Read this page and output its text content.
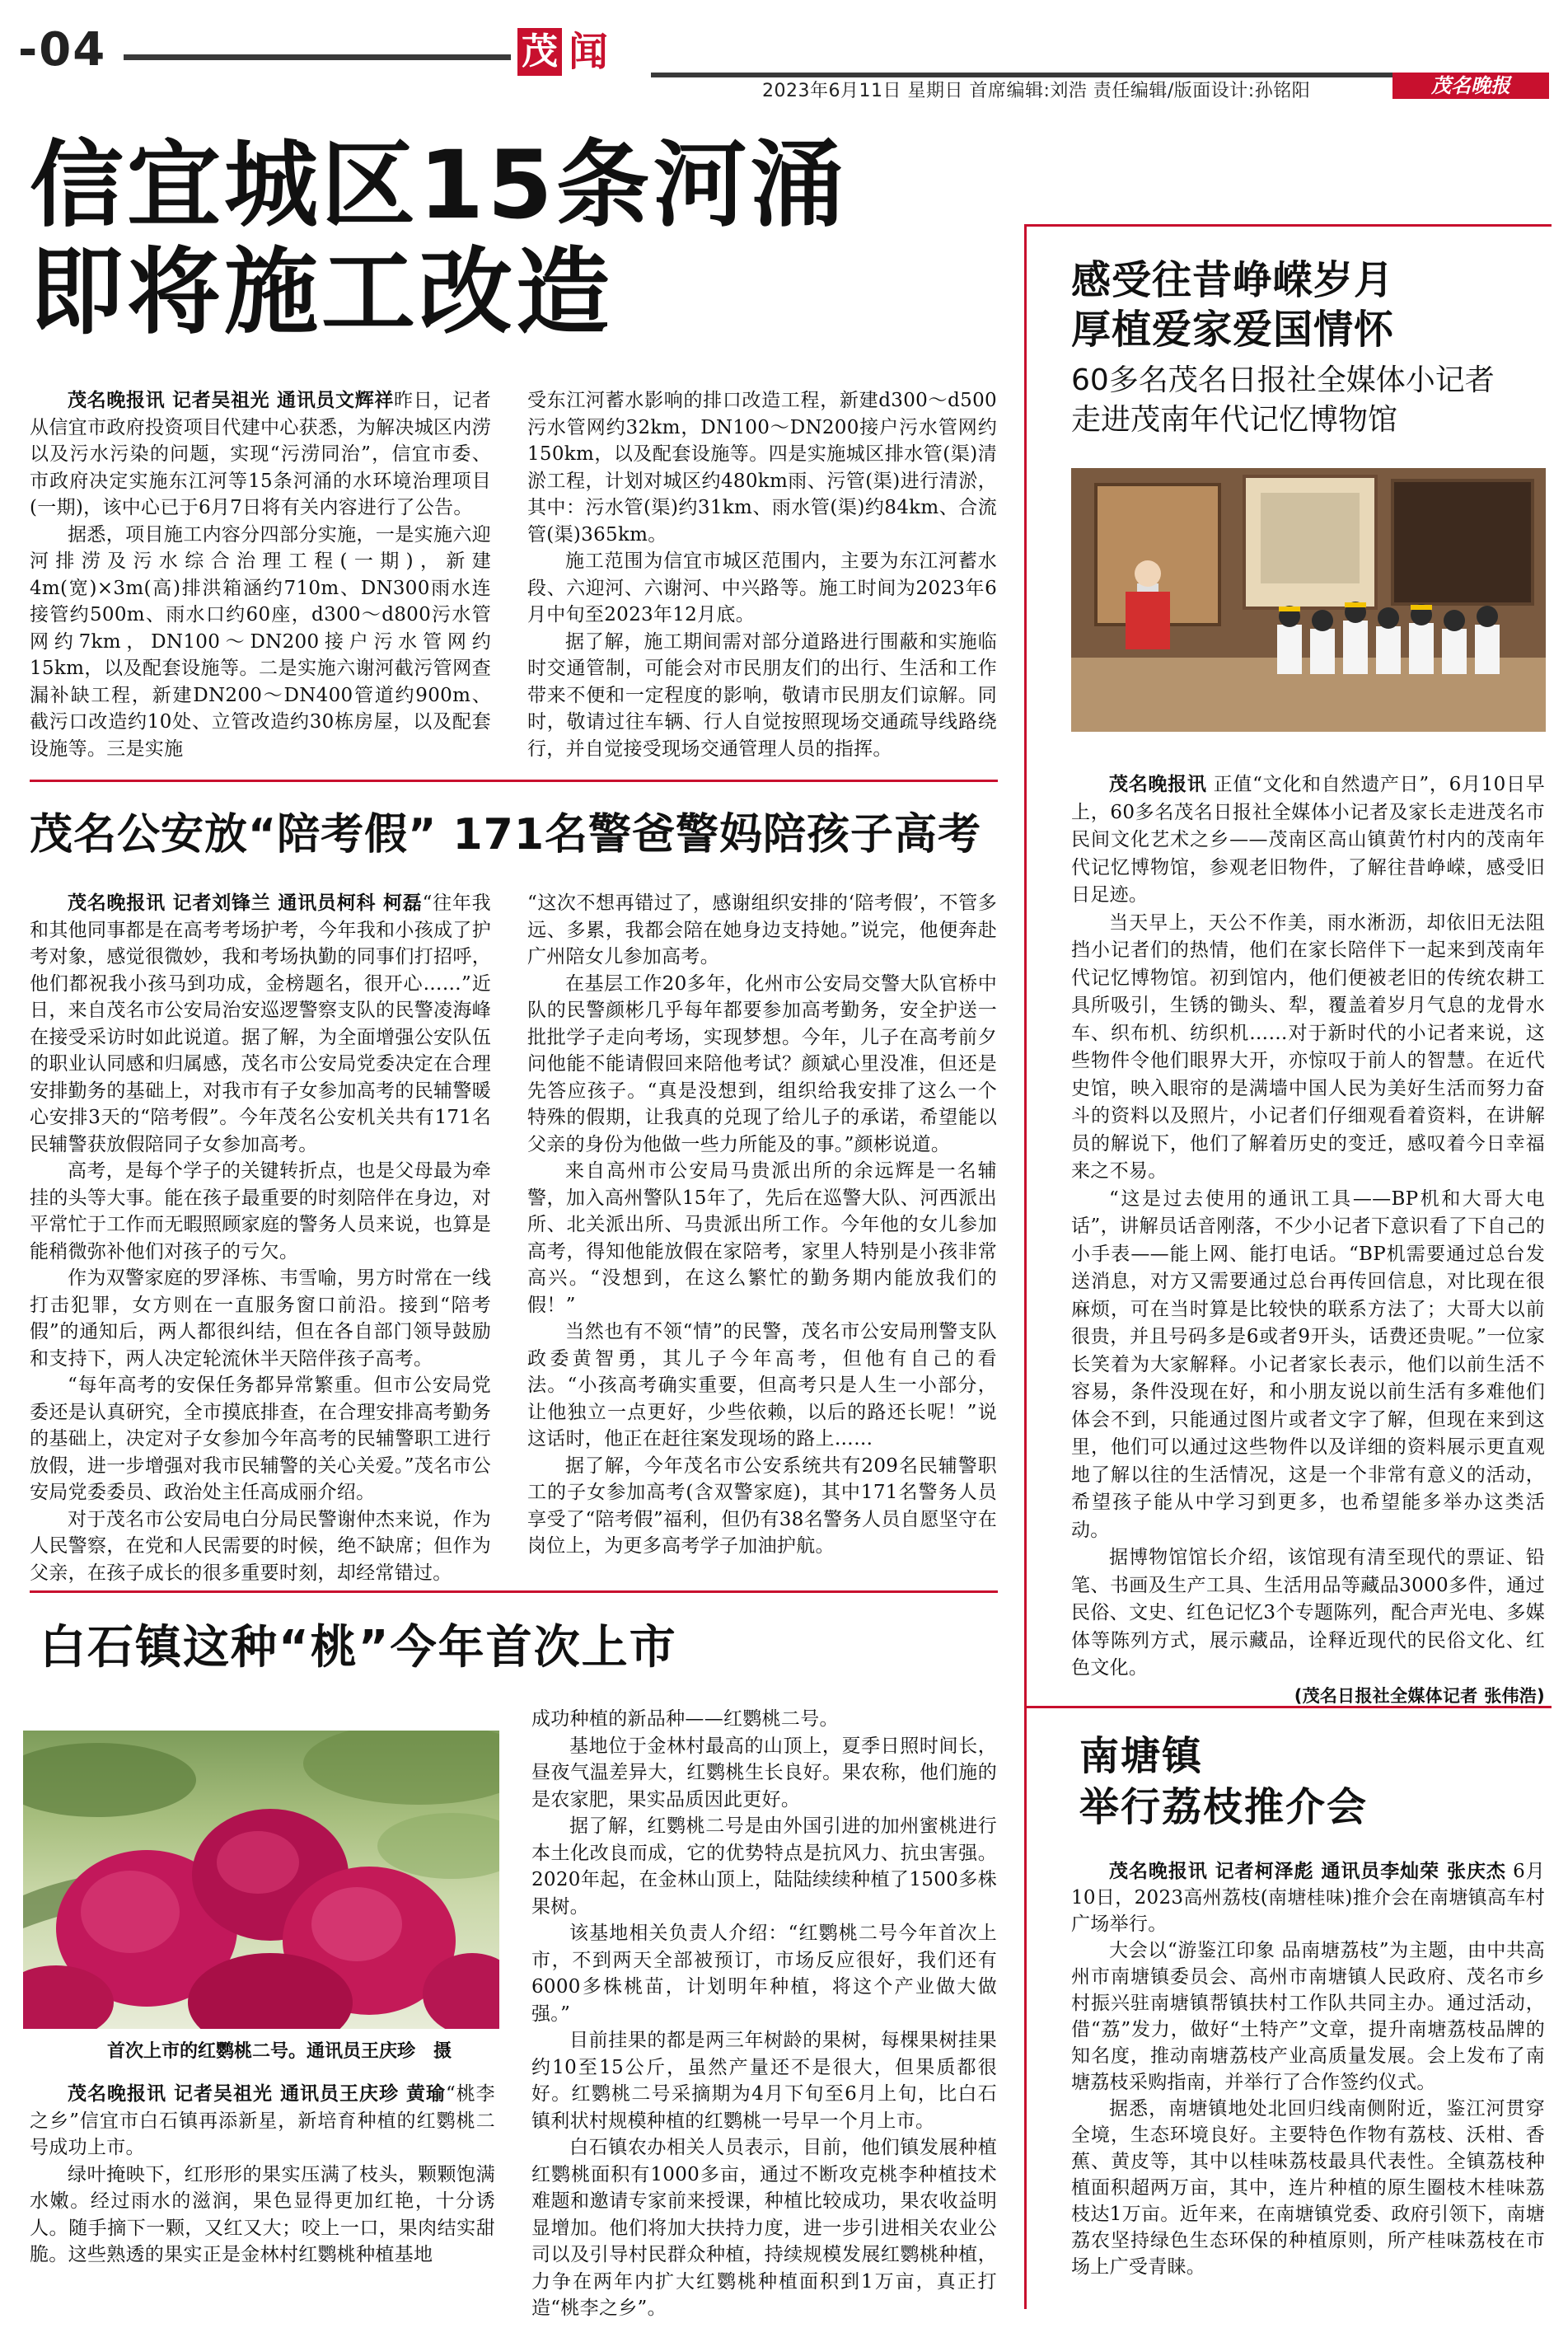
-04	茂 闻
2023年6月11日 星期日 首席编辑:刘浩 责任编辑/版面设计:孙铭阳	茂名晚报
信宜城区15条河涌
即将施工改造

茂名晚报讯 记者吴祖光 通讯员文辉祥昨日，记者从信宜市政府投资项目代建中心获悉，为解决城区内涝以及污水污染的问题，实现“污涝同治”，信宜市委、市政府决定实施东江河等15条河涌的水环境治理项目(一期)，该中心已于6月7日将有关内容进行了公告。

据悉，项目施工内容分四部分实施，一是实施六迎河排涝及污水综合治理工程(一期)，新建4m(宽)×3m(高)排洪箱涵约710m、DN300雨水连接管约500m、雨水口约60座，d300～d800污水管网约7km，DN100～DN200接户污水管网约15km，以及配套设施等。二是实施六谢河截污管网查漏补缺工程，新建DN200～DN400管道约900m、截污口改造约10处、立管改造约30栋房屋，以及配套设施等。三是实施

受东江河蓄水影响的排口改造工程，新建d300～d500污水管网约32km，DN100～DN200接户污水管网约150km，以及配套设施等。四是实施城区排水管(渠)清淤工程，计划对城区约480km雨、污管(渠)进行清淤，其中：污水管(渠)约31km、雨水管(渠)约84km、合流管(渠)365km。

施工范围为信宜市城区范围内，主要为东江河蓄水段、六迎河、六谢河、中兴路等。施工时间为2023年6月中旬至2023年12月底。

据了解，施工期间需对部分道路进行围蔽和实施临时交通管制，可能会对市民朋友们的出行、生活和工作带来不便和一定程度的影响，敬请市民朋友们谅解。同时，敬请过往车辆、行人自觉按照现场交通疏导线路绕行，并自觉接受现场交通管理人员的指挥。

茂名公安放“陪考假” 171名警爸警妈陪孩子高考

茂名晚报讯 记者刘锋兰 通讯员柯科 柯磊“往年我和其他同事都是在高考考场护考，今年我和小孩成了护考对象，感觉很微妙，我和考场执勤的同事们打招呼，他们都祝我小孩马到功成，金榜题名，很开心……”近日，来自茂名市公安局治安巡逻警察支队的民警凌海峰在接受采访时如此说道。据了解，为全面增强公安队伍的职业认同感和归属感，茂名市公安局党委决定在合理安排勤务的基础上，对我市有子女参加高考的民辅警暖心安排3天的“陪考假”。今年茂名公安机关共有171名民辅警获放假陪同子女参加高考。

高考，是每个学子的关键转折点，也是父母最为牵挂的头等大事。能在孩子最重要的时刻陪伴在身边，对平常忙于工作而无暇照顾家庭的警务人员来说，也算是能稍微弥补他们对孩子的亏欠。

作为双警家庭的罗泽栋、韦雪喻，男方时常在一线打击犯罪，女方则在一直服务窗口前沿。接到“陪考假”的通知后，两人都很纠结，但在各自部门领导鼓励和支持下，两人决定轮流休半天陪伴孩子高考。

“每年高考的安保任务都异常繁重。但市公安局党委还是认真研究，全市摸底排查，在合理安排高考勤务的基础上，决定对子女参加今年高考的民辅警职工进行放假，进一步增强对我市民辅警的关心关爱。”茂名市公安局党委委员、政治处主任高成丽介绍。

对于茂名市公安局电白分局民警谢仲杰来说，作为人民警察，在党和人民需要的时候，绝不缺席；但作为父亲，在孩子成长的很多重要时刻，却经常错过。

“这次不想再错过了，感谢组织安排的‘陪考假’，不管多远、多累，我都会陪在她身边支持她。”说完，他便奔赴广州陪女儿参加高考。

在基层工作20多年，化州市公安局交警大队官桥中队的民警颜彬几乎每年都要参加高考勤务，安全护送一批批学子走向考场，实现梦想。今年，儿子在高考前夕问他能不能请假回来陪他考试？颜斌心里没准，但还是先答应孩子。“真是没想到，组织给我安排了这么一个特殊的假期，让我真的兑现了给儿子的承诺，希望能以父亲的身份为他做一些力所能及的事。”颜彬说道。

来自高州市公安局马贵派出所的余远辉是一名辅警，加入高州警队15年了，先后在巡警大队、河西派出所、北关派出所、马贵派出所工作。今年他的女儿参加高考，得知他能放假在家陪考，家里人特别是小孩非常高兴。“没想到，在这么繁忙的勤务期内能放我们的假！”

当然也有不领“情”的民警，茂名市公安局刑警支队政委黄智勇，其儿子今年高考，但他有自己的看法。“小孩高考确实重要，但高考只是人生一小部分，让他独立一点更好，少些依赖，以后的路还长呢！”说这话时，他正在赶往案发现场的路上……

据了解，今年茂名市公安系统共有209名民辅警职工的子女参加高考(含双警家庭)，其中171名警务人员享受了“陪考假”福利，但仍有38名警务人员自愿坚守在岗位上，为更多高考学子加油护航。

白石镇这种“桃”今年首次上市
首次上市的红鹦桃二号。通讯员王庆珍　摄

茂名晚报讯 记者吴祖光 通讯员王庆珍 黄瑜“桃李之乡”信宜市白石镇再添新星，新培育种植的红鹦桃二号成功上市。

绿叶掩映下，红形形的果实压满了枝头，颗颗饱满水嫩。经过雨水的滋润，果色显得更加红艳，十分诱人。随手摘下一颗，又红又大；咬上一口，果肉结实甜脆。这些熟透的果实正是金林村红鹦桃种植基地

成功种植的新品种——红鹦桃二号。

基地位于金林村最高的山顶上，夏季日照时间长，昼夜气温差异大，红鹦桃生长良好。果农称，他们施的是农家肥，果实品质因此更好。

据了解，红鹦桃二号是由外国引进的加州蜜桃进行本土化改良而成，它的优势特点是抗风力、抗虫害强。2020年起，在金林山顶上，陆陆续续种植了1500多株果树。

该基地相关负责人介绍：“红鹦桃二号今年首次上市，不到两天全部被预订，市场反应很好，我们还有6000多株桃苗，计划明年种植，将这个产业做大做强。”

目前挂果的都是两三年树龄的果树，每棵果树挂果约10至15公斤，虽然产量还不是很大，但果质都很好。红鹦桃二号采摘期为4月下旬至6月上旬，比白石镇利状村规模种植的红鹦桃一号早一个月上市。

白石镇农办相关人员表示，目前，他们镇发展种植红鹦桃面积有1000多亩，通过不断攻克桃李种植技术难题和邀请专家前来授课，种植比较成功，果农收益明显增加。他们将加大扶持力度，进一步引进相关农业公司以及引导村民群众种植，持续规模发展红鹦桃种植，力争在两年内扩大红鹦桃种植面积到1万亩，真正打造“桃李之乡”。

感受往昔峥嵘岁月
厚植爱家爱国情怀
60多名茂名日报社全媒体小记者
走进茂南年代记忆博物馆

茂名晚报讯 正值“文化和自然遗产日”，6月10日早上，60多名茂名日报社全媒体小记者及家长走进茂名市民间文化艺术之乡——茂南区高山镇黄竹村内的茂南年代记忆博物馆，参观老旧物件，了解往昔峥嵘，感受旧日足迹。

当天早上，天公不作美，雨水淅沥，却依旧无法阻挡小记者们的热情，他们在家长陪伴下一起来到茂南年代记忆博物馆。初到馆内，他们便被老旧的传统农耕工具所吸引，生锈的锄头、犁，覆盖着岁月气息的龙骨水车、织布机、纺织机……对于新时代的小记者来说，这些物件令他们眼界大开，亦惊叹于前人的智慧。在近代史馆，映入眼帘的是满墙中国人民为美好生活而努力奋斗的资料以及照片，小记者们仔细观看着资料，在讲解员的解说下，他们了解着历史的变迁，感叹着今日幸福来之不易。

“这是过去使用的通讯工具——BP机和大哥大电话”，讲解员话音刚落，不少小记者下意识看了下自己的小手表——能上网、能打电话。“BP机需要通过总台发送消息，对方又需要通过总台再传回信息，对比现在很麻烦，可在当时算是比较快的联系方法了；大哥大以前很贵，并且号码多是6或者9开头，话费还贵呢。”一位家长笑着为大家解释。小记者家长表示，他们以前生活不容易，条件没现在好，和小朋友说以前生活有多难他们体会不到，只能通过图片或者文字了解，但现在来到这里，他们可以通过这些物件以及详细的资料展示更直观地了解以往的生活情况，这是一个非常有意义的活动，希望孩子能从中学习到更多，也希望能多举办这类活动。

据博物馆馆长介绍，该馆现有清至现代的票证、铅笔、书画及生产工具、生活用品等藏品3000多件，通过民俗、文史、红色记忆3个专题陈列，配合声光电、多媒体等陈列方式，展示藏品，诠释近现代的民俗文化、红色文化。

(茂名日报社全媒体记者 张伟浩)
南塘镇
举行荔枝推介会

茂名晚报讯 记者柯泽彪 通讯员李灿荣 张庆杰 6月10日，2023高州荔枝(南塘桂味)推介会在南塘镇高车村广场举行。

大会以“游鉴江印象 品南塘荔枝”为主题，由中共高州市南塘镇委员会、高州市南塘镇人民政府、茂名市乡村振兴驻南塘镇帮镇扶村工作队共同主办。通过活动，借“荔”发力，做好“土特产”文章，提升南塘荔枝品牌的知名度，推动南塘荔枝产业高质量发展。会上发布了南塘荔枝采购指南，并举行了合作签约仪式。

据悉，南塘镇地处北回归线南侧附近，鉴江河贯穿全境，生态环境良好。主要特色作物有荔枝、沃柑、香蕉、黄皮等，其中以桂味荔枝最具代表性。全镇荔枝种植面积超两万亩，其中，连片种植的原生圈枝木桂味荔枝达1万亩。近年来，在南塘镇党委、政府引领下，南塘荔农坚持绿色生态环保的种植原则，所产桂味荔枝在市场上广受青睐。
